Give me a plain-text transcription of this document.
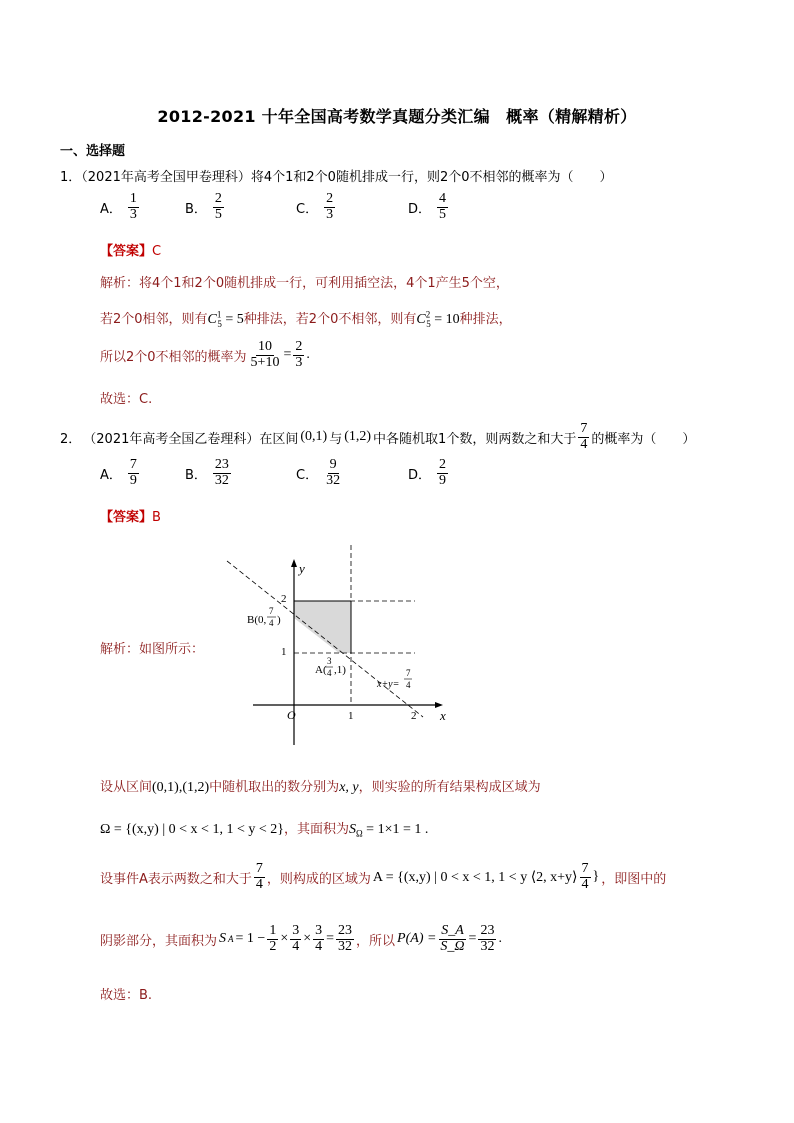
2012-2021 十年全国高考数学真题分类汇编　概率（精解精析）
一、选择题
1．（2021年高考全国甲卷理科）将4个1和2个0随机排成一行，则2个0不相邻的概率为（　　）
A． $\frac{1}{3}$	B． $\frac{2}{5}$	C． $\frac{2}{3}$	D． $\frac{4}{5}$
【答案】C
解析：将4个1和2个0随机排成一行，可利用插空法，4个1产生5个空，
若2个0相邻，则有$C^1_5 = 5$种排法，若2个0不相邻，则有$C^2_5 = 10$种排法，
所以2个0不相邻的概率为 $\frac{10}{5+10} = \frac{2}{3}$ .
故选：C.
2． （2021年高考全国乙卷理科）在区间 (0,1) 与 (1,2) 中各随机取1个数，则两数之和大于 $\frac{7}{4}$ 的概率为（　　）
A． $\frac{7}{9}$	B． $\frac{23}{32}$	C． $\frac{9}{32}$	D． $\frac{2}{9}$
【答案】B
解析：如图所示：
y
x
O
2
1
1	2
B(0,
7
4 )
A(
3
4 ,1)
x+y=
7
4
设从区间(0,1),(1,2)中随机取出的数分别为x, y，则实验的所有结果构成区域为
Ω = {(x,y) | 0 < x < 1, 1 < y < 2}，其面积为$S_\Omega = 1\times 1 = 1$ .
设事件A表示两数之和大于 $\frac{7}{4}$ ，则构成的区域为 A = {(x,y) | 0 < x < 1, 1 < y ⟨2, x+y⟩ $\frac{7}{4}$ } ，即图中的
阴影部分，其面积为 S $A = 1 - \frac{1}{2} \times \frac{3}{4} \times \frac{3}{4} = \frac{23}{32}$ ，所以 $P(A) = \frac{S\_A}{S\_\Omega} = \frac{23}{32}$ .
故选：B.
